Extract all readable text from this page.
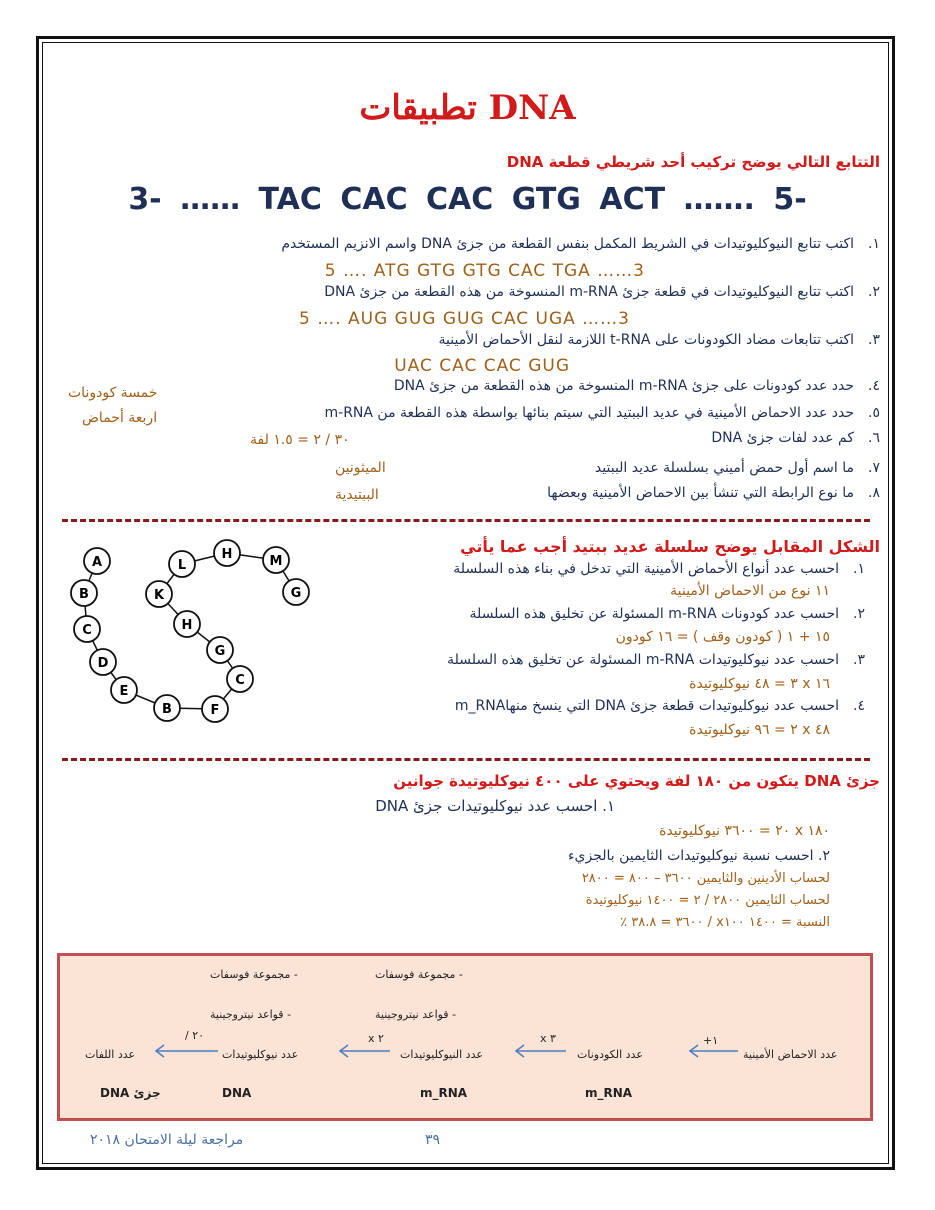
تطبيقات DNA
التتابع التالي يوضح تركيب أحد شريطي قطعة DNA
3- …… TAC CAC CAC GTG ACT ……. 5-
١.اكتب تتابع النيوكليوتيدات في الشريط المكمل بنفس القطعة من جزئ DNA واسم الانزيم المستخدم
5 …. ATG GTG GTG CAC TGA ……3
٢.اكتب تتابع النيوكليوتيدات في قطعة جزئ m-RNA المنسوخة من هذه القطعة من جزئ DNA
5 …. AUG GUG GUG CAC UGA ……3
٣.اكتب تتابعات مضاد الكودونات على t-RNA اللازمة لنقل الأحماض الأمينية
UAC CAC CAC GUG
٤.حدد عدد كودونات على جزئ m-RNA المنسوخة من هذه القطعة من جزئ DNA
خمسة كودونات
٥.حدد عدد الاحماض الأمينية في عديد الببتيد التي سيتم بنائها بواسطة هذه القطعة من m-RNA
اربعة أحماض
٦.كم عدد لفات جزئ DNA
٣٠ / ٢ = ١.٥ لفة
٧.ما اسم أول حمض أميني بسلسلة عديد الببتيد
الميثونين
٨.ما نوع الرابطة التي تنشأ بين الاحماض الأمينية وبعضها
الببتيدية
الشكل المقابل يوضح سلسلة عديد ببتيد أجب عما يأتي
١.احسب عدد أنواع الأحماض الأمينية التي تدخل في بناء هذه السلسلة
١١ نوع من الاحماض الأمينية
٢.احسب عدد كودونات m-RNA المسئولة عن تخليق هذه السلسلة
١٥ + ١ ( كودون وقف ) = ١٦ كودون
٣.احسب عدد نيوكليوتيدات m-RNA المسئولة عن تخليق هذه السلسلة
١٦ x ٣ = ٤٨ نيوكليوتيدة
٤.احسب عدد نيوكليوتيدات قطعة جزئ DNA التي ينسخ منهاm_RNA
٤٨ x ٢ = ٩٦ نيوكليوتيدة
A
B
C
D
E
B	F
C
G
H
K
L
H	M
G
جزئ DNA يتكون من ١٨٠ لفة ويحتوي على ٤٠٠ نيوكليوتيدة جوانين
١. احسب عدد نيوكليوتيدات جزئ DNA
١٨٠ x ٢٠ = ٣٦٠٠ نيوكليوتيدة
٢. احسب نسبة نيوكليوتيدات الثايمين بالجزيء
لحساب الأدينين والثايمين ٣٦٠٠ – ٨٠٠ = ٢٨٠٠
لحساب الثايمين ٢٨٠٠ / ٢ = ١٤٠٠ نيوكليوتيدة
النسبة = ١٤٠٠ x١٠٠ / ٣٦٠٠ = ٣٨.٨ ٪
- مجموعة فوسفات	- مجموعة فوسفات
- قواعد نيتروجينية	- قواعد نيتروجينية
عدد الاحماض الأمينية
+١
عدد الكودونات
x ٣
عدد النيوكليوتيدات
x ٢
عدد نيوكليوتيدات
/ ٢٠
عدد اللفات
m_RNA
m_RNA
DNA
جزئ DNA
مراجعة ليلة الامتحان ٢٠١٨	٣٩
